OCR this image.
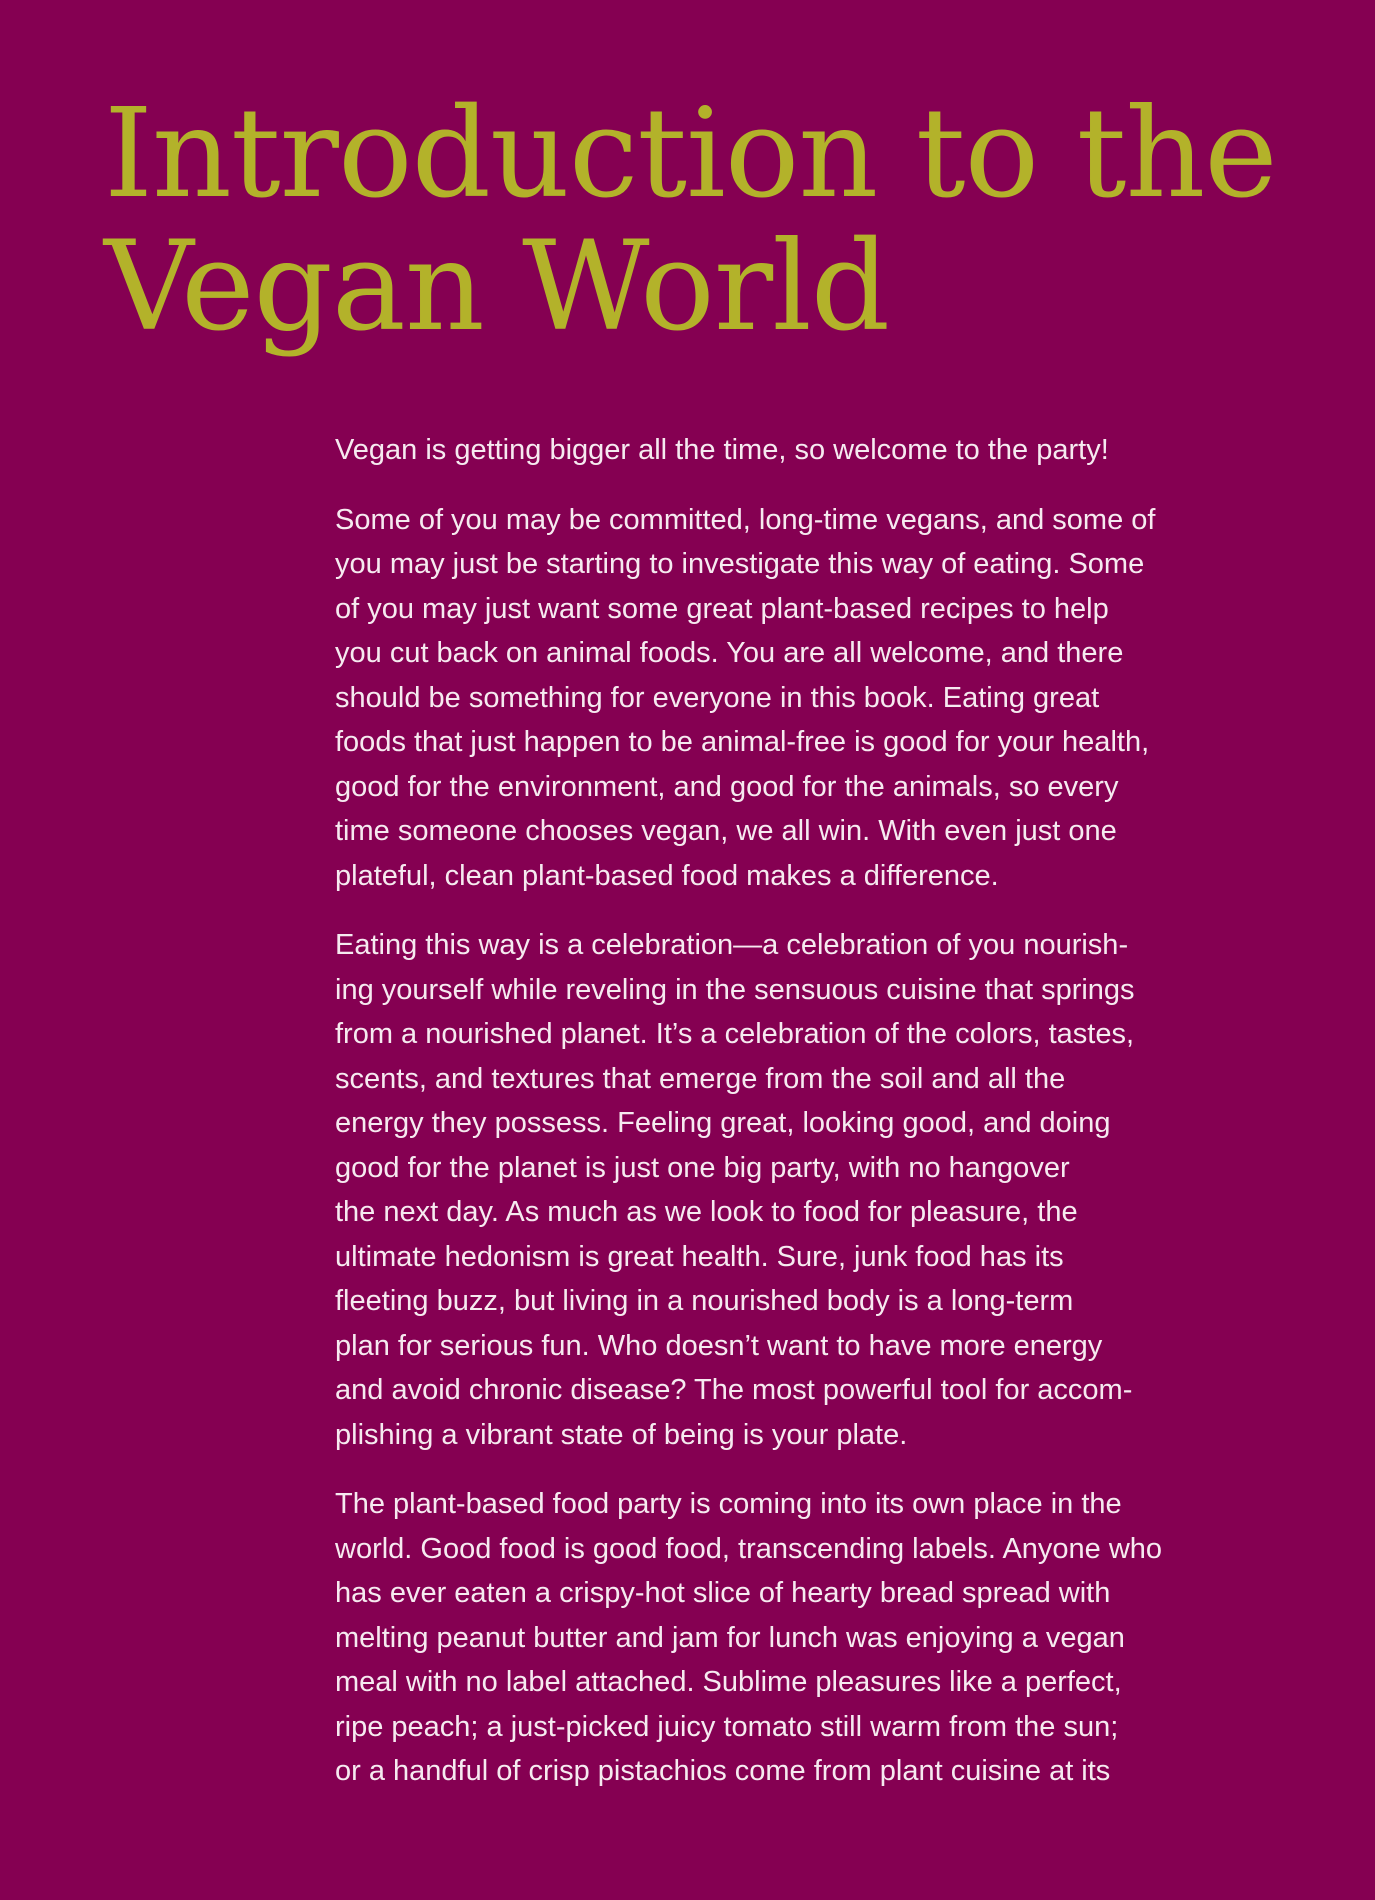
Introduction to the
Vegan World

Vegan is getting bigger all the time, so welcome to the party!

Some of you may be committed, long-time vegans, and some of
you may just be starting to investigate this way of eating. Some
of you may just want some great plant-based recipes to help
you cut back on animal foods. You are all welcome, and there
should be something for everyone in this book. Eating great
foods that just happen to be animal-free is good for your health,
good for the environment, and good for the animals, so every
time someone chooses vegan, we all win. With even just one
plateful, clean plant-based food makes a difference.

Eating this way is a celebration—a celebration of you nourish-
ing yourself while reveling in the sensuous cuisine that springs
from a nourished planet. It’s a celebration of the colors, tastes,
scents, and textures that emerge from the soil and all the
energy they possess. Feeling great, looking good, and doing
good for the planet is just one big party, with no hangover
the next day. As much as we look to food for pleasure, the
ultimate hedonism is great health. Sure, junk food has its
fleeting buzz, but living in a nourished body is a long-term
plan for serious fun. Who doesn’t want to have more energy
and avoid chronic disease? The most powerful tool for accom-
plishing a vibrant state of being is your plate.

The plant-based food party is coming into its own place in the
world. Good food is good food, transcending labels. Anyone who
has ever eaten a crispy-hot slice of hearty bread spread with
melting peanut butter and jam for lunch was enjoying a vegan
meal with no label attached. Sublime pleasures like a perfect,
ripe peach; a just-picked juicy tomato still warm from the sun;
or a handful of crisp pistachios come from plant cuisine at its
